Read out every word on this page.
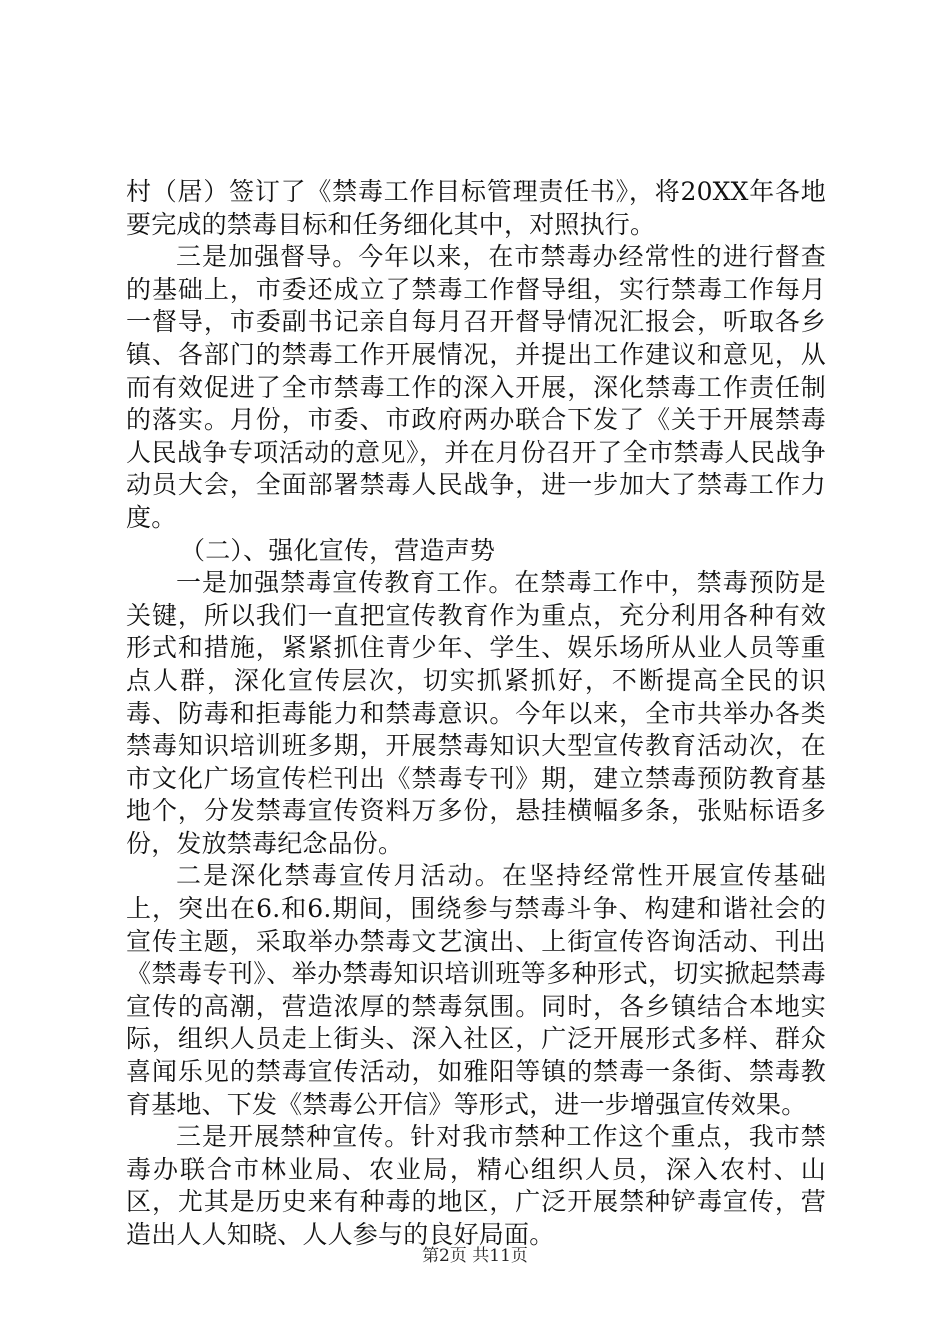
村（居）签订了《禁毒工作目标管理责任书》，将20XX年各地要完成的禁毒目标和任务细化其中，对照执行。

三是加强督导。今年以来，在市禁毒办经常性的进行督查的基础上，市委还成立了禁毒工作督导组，实行禁毒工作每月一督导，市委副书记亲自每月召开督导情况汇报会，听取各乡镇、各部门的禁毒工作开展情况，并提出工作建议和意见，从而有效促进了全市禁毒工作的深入开展，深化禁毒工作责任制的落实。月份，市委、市政府两办联合下发了《关于开展禁毒人民战争专项活动的意见》，并在月份召开了全市禁毒人民战争动员大会，全面部署禁毒人民战争，进一步加大了禁毒工作力度。

（二）、强化宣传，营造声势

一是加强禁毒宣传教育工作。在禁毒工作中，禁毒预防是关键，所以我们一直把宣传教育作为重点，充分利用各种有效形式和措施，紧紧抓住青少年、学生、娱乐场所从业人员等重点人群，深化宣传层次，切实抓紧抓好，不断提高全民的识毒、防毒和拒毒能力和禁毒意识。今年以来，全市共举办各类禁毒知识培训班多期，开展禁毒知识大型宣传教育活动次，在市文化广场宣传栏刊出《禁毒专刊》期，建立禁毒预防教育基地个，分发禁毒宣传资料万多份，悬挂横幅多条，张贴标语多份，发放禁毒纪念品份。

二是深化禁毒宣传月活动。在坚持经常性开展宣传基础上，突出在6.和6.期间，围绕参与禁毒斗争、构建和谐社会的宣传主题，采取举办禁毒文艺演出、上街宣传咨询活动、刊出《禁毒专刊》、举办禁毒知识培训班等多种形式，切实掀起禁毒宣传的高潮，营造浓厚的禁毒氛围。同时，各乡镇结合本地实际，组织人员走上街头、深入社区，广泛开展形式多样、群众喜闻乐见的禁毒宣传活动，如雅阳等镇的禁毒一条街、禁毒教育基地、下发《禁毒公开信》等形式，进一步增强宣传效果。

三是开展禁种宣传。针对我市禁种工作这个重点，我市禁毒办联合市林业局、农业局，精心组织人员，深入农村、山区，尤其是历史来有种毒的地区，广泛开展禁种铲毒宣传，营造出人人知晓、人人参与的良好局面。

第2页 共11页
